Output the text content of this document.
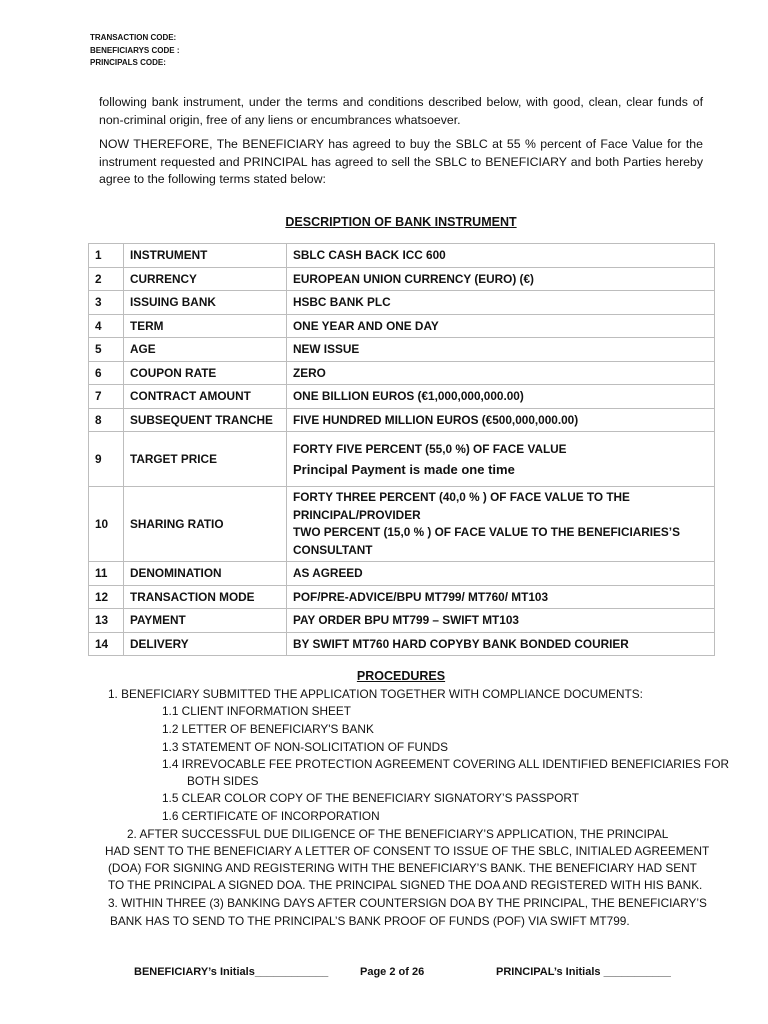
TRANSACTION CODE:
BENEFICIARYS CODE :
PRINCIPALS CODE:
following bank instrument, under the terms and conditions described below, with good, clean, clear funds of non-criminal origin, free of any liens or encumbrances whatsoever.
NOW THEREFORE, The BENEFICIARY has agreed to buy the SBLC at 55 % percent of Face Value for the instrument requested and PRINCIPAL has agreed to sell the SBLC to BENEFICIARY and both Parties hereby agree to the following terms stated below:
DESCRIPTION OF BANK INSTRUMENT
1	INSTRUMENT	SBLC CASH BACK ICC 600
2	CURRENCY	EUROPEAN UNION CURRENCY (EURO) (€)
3	ISSUING BANK	HSBC BANK PLC
4	TERM	ONE YEAR AND ONE DAY
5	AGE	NEW ISSUE
6	COUPON RATE	ZERO
7	CONTRACT AMOUNT	ONE BILLION EUROS (€1,000,000,000.00)
8	SUBSEQUENT TRANCHE	FIVE HUNDRED MILLION EUROS (€500,000,000.00)
9	TARGET PRICE	FORTY FIVE PERCENT (55,0 %) OF FACE VALUE
Principal Payment is made one time
10	SHARING RATIO	FORTY THREE PERCENT (40,0 % ) OF FACE VALUE TO THE PRINCIPAL/PROVIDER
TWO PERCENT (15,0 % ) OF FACE VALUE TO THE BENEFICIARIES’S CONSULTANT

11	DENOMINATION	AS AGREED
12	TRANSACTION MODE	POF/PRE-ADVICE/BPU MT799/ MT760/ MT103
13	PAYMENT	PAY ORDER BPU MT799 – SWIFT MT103
14	DELIVERY	BY SWIFT MT760 HARD COPYBY BANK BONDED COURIER
PROCEDURES
1. BENEFICIARY SUBMITTED THE APPLICATION TOGETHER WITH COMPLIANCE DOCUMENTS:
1.1 CLIENT INFORMATION SHEET
1.2 LETTER OF BENEFICIARY'S BANK
1.3 STATEMENT OF NON-SOLICITATION OF FUNDS
1.4 IRREVOCABLE FEE PROTECTION AGREEMENT COVERING ALL IDENTIFIED BENEFICIARIES FOR
BOTH SIDES
1.5 CLEAR COLOR COPY OF THE BENEFICIARY SIGNATORY’S PASSPORT
1.6 CERTIFICATE OF INCORPORATION
2. AFTER SUCCESSFUL DUE DILIGENCE OF THE BENEFICIARY’S APPLICATION, THE PRINCIPAL
HAD SENT TO THE BENEFICIARY A LETTER OF CONSENT TO ISSUE OF THE SBLC, INITIALED AGREEMENT
(DOA) FOR SIGNING AND REGISTERING WITH THE BENEFICIARY’S BANK. THE BENEFICIARY HAD SENT
TO THE PRINCIPAL A SIGNED DOA. THE PRINCIPAL SIGNED THE DOA AND REGISTERED WITH HIS BANK.
3. WITHIN THREE (3) BANKING DAYS AFTER COUNTERSIGN DOA BY THE PRINCIPAL, THE BENEFICIARY’S
BANK HAS TO SEND TO THE PRINCIPAL’S BANK PROOF OF FUNDS (POF) VIA SWIFT MT799.
BENEFICIARY’s Initials____________	Page 2 of 26	PRINCIPAL’s Initials ___________
